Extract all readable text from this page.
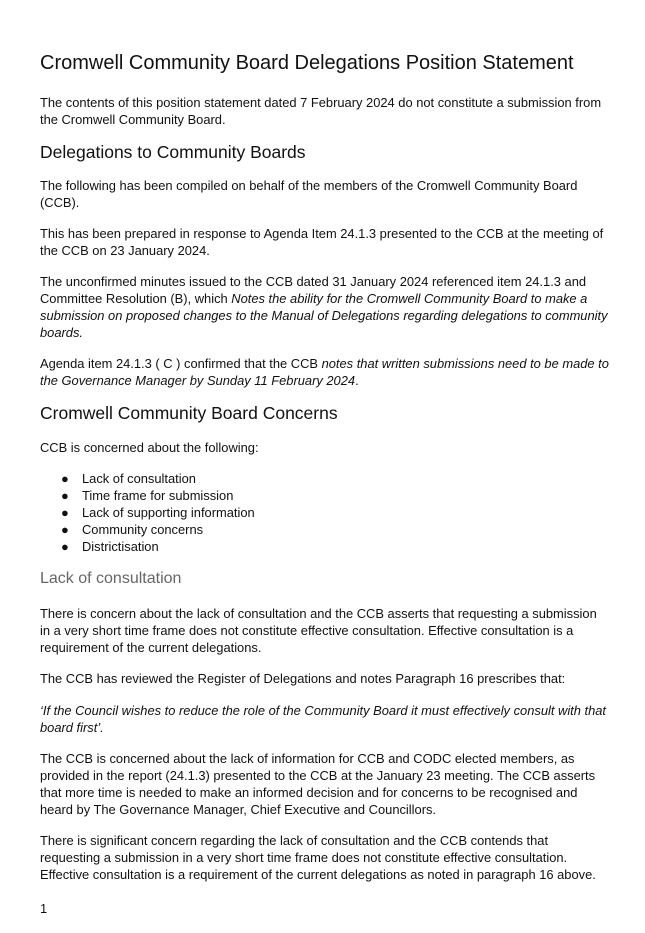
Cromwell Community Board Delegations Position Statement

The contents of this position statement dated 7 February 2024 do not constitute a submission from the Cromwell Community Board.

Delegations to Community Boards

The following has been compiled on behalf of the members of the Cromwell Community Board (CCB).

This has been prepared in response to Agenda Item 24.1.3 presented to the CCB at the meeting of the CCB on 23 January 2024.

The unconfirmed minutes issued to the CCB dated 31 January 2024 referenced item 24.1.3 and Committee Resolution (B), which Notes the ability for the Cromwell Community Board to make a submission on proposed changes to the Manual of Delegations regarding delegations to community boards.

Agenda item 24.1.3 ( C ) confirmed that the CCB notes that written submissions need to be made to the Governance Manager by Sunday 11 February 2024.

Cromwell Community Board Concerns

CCB is concerned about the following:

● Lack of consultation
● Time frame for submission
● Lack of supporting information
● Community concerns
● Districtisation
Lack of consultation

There is concern about the lack of consultation and the CCB asserts that requesting a submission in a very short time frame does not constitute effective consultation. Effective consultation is a requirement of the current delegations.

The CCB has reviewed the Register of Delegations and notes Paragraph 16 prescribes that:

‘If the Council wishes to reduce the role of the Community Board it must effectively consult with that board first’.

The CCB is concerned about the lack of information for CCB and CODC elected members, as provided in the report (24.1.3) presented to the CCB at the January 23 meeting. The CCB asserts that more time is needed to make an informed decision and for concerns to be recognised and heard by The Governance Manager, Chief Executive and Councillors.

There is significant concern regarding the lack of consultation and the CCB contends that requesting a submission in a very short time frame does not constitute effective consultation. Effective consultation is a requirement of the current delegations as noted in paragraph 16 above.

1
